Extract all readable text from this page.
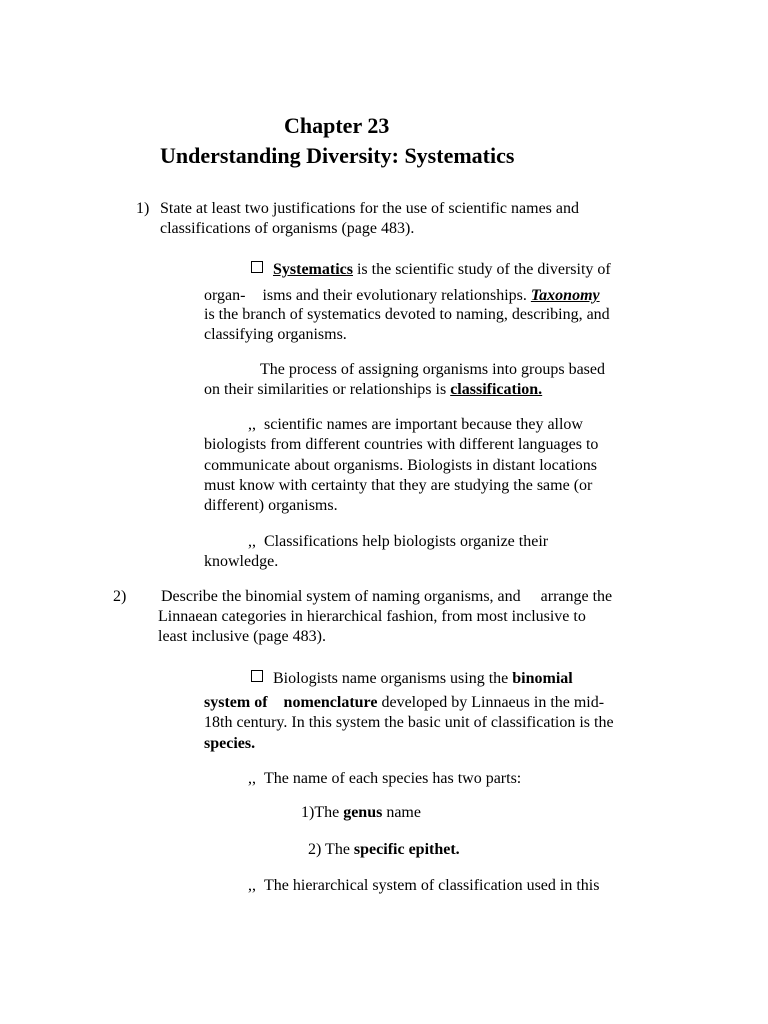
Chapter 23
Understanding Diversity: Systematics

1) State at least two justifications for the use of scientific names and

classifications of organisms (page 483).

Systematics is the scientific study of the diversity of

organ- isms and their evolutionary relationships. Taxonomy

is the branch of systematics devoted to naming, describing, and

classifying organisms.

The process of assigning organisms into groups based

on their similarities or relationships is classification.

,, scientific names are important because they allow

biologists from different countries with different languages to

communicate about organisms. Biologists in distant locations

must know with certainty that they are studying the same (or

different) organisms.

,, Classifications help biologists organize their

knowledge.

2) Describe the binomial system of naming organisms, and arrange the

Linnaean categories in hierarchical fashion, from most inclusive to

least inclusive (page 483).

Biologists name organisms using the binomial

system of nomenclature developed by Linnaeus in the mid-

18th century. In this system the basic unit of classification is the

species.

,, The name of each species has two parts:

1)The genus name

2) The specific epithet.

,, The hierarchical system of classification used in this
